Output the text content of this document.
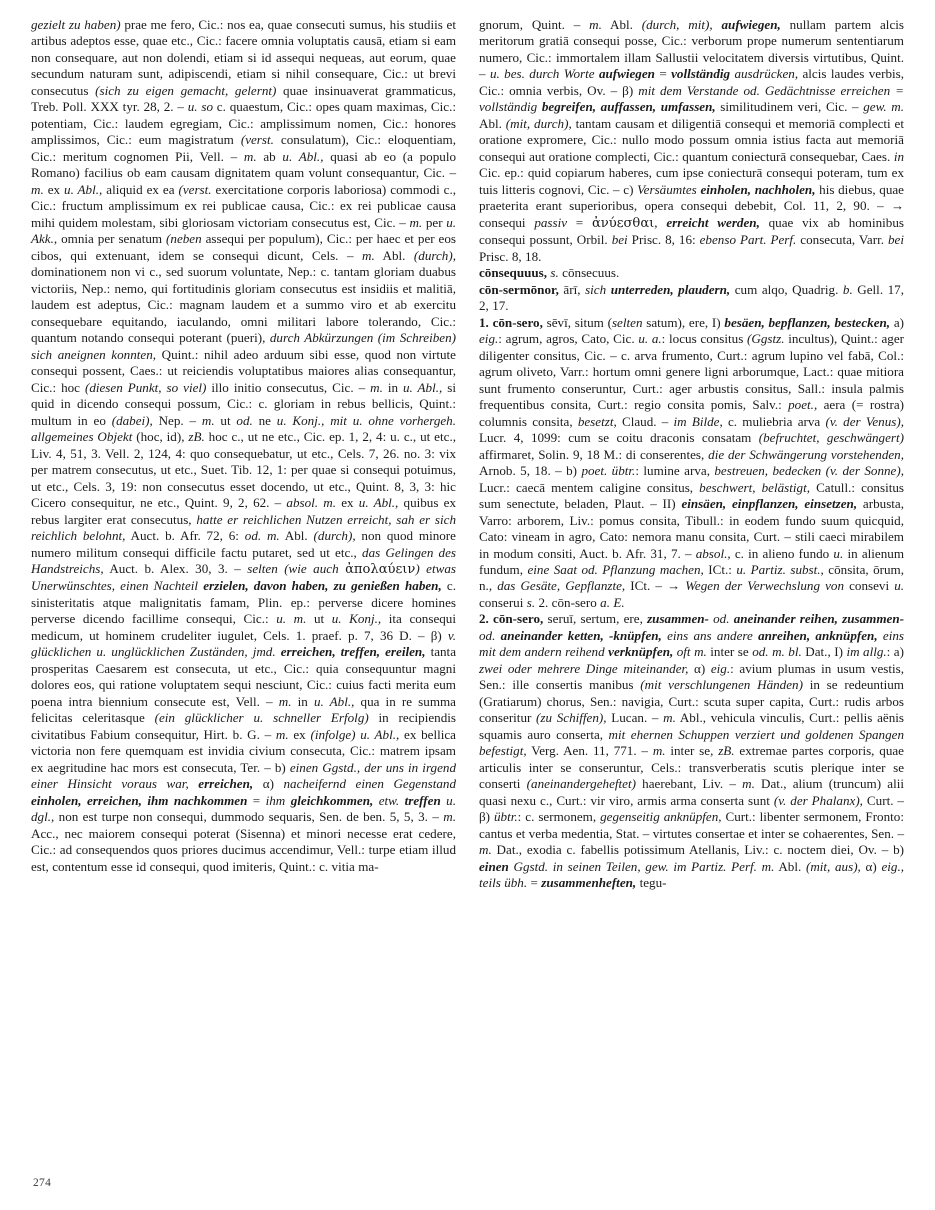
gezielt zu haben) prae me fero, Cic.: nos ea, quae consecuti sumus, his studiis et artibus adeptos esse, quae etc., Cic.: facere omnia voluptatis causā, etiam si eam non consequare, aut non dolendi, etiam si id assequi nequeas, aut eorum, quae secundum naturam sunt, adipiscendi, etiam si nihil consequare, Cic.: ut brevi consecutus (sich zu eigen gemacht, gelernt) quae insinuaverat grammaticus, Treb. Poll. XXX tyr. 28, 2. – u. so c. quaestum, Cic.: opes quam maximas, Cic.: potentiam, Cic.: laudem egregiam, Cic.: amplissimum nomen, Cic.: honores amplissimos, Cic.: eum magistratum (verst. consulatum), Cic.: eloquentiam, Cic.: meritum cognomen Pii, Vell. – m. ab u. Abl., quasi ab eo (a populo Romano) facilius ob eam causam dignitatem quam volunt consequantur, Cic. – m. ex u. Abl., aliquid ex ea (verst. exercitatione corporis laboriosa) commodi c., Cic.: fructum amplissimum ex rei publicae causa, Cic.: ex rei publicae causa mihi quidem molestam, sibi gloriosam victoriam consecutus est, Cic. – m. per u. Akk., omnia per senatum (neben assequi per populum), Cic.: per haec et per eos cibos, qui extenuant, idem se consequi dicunt, Cels. – m. Abl. (durch), dominationem non vi c., sed suorum voluntate, Nep.: c. tantam gloriam duabus victoriis, Nep.: nemo, qui fortitudinis gloriam consecutus est insidiis et malitiā, laudem est adeptus, Cic.: magnam laudem et a summo viro et ab exercitu consequebare equitando, iaculando, omni militari labore tolerando, Cic.: quantum notando consequi poterant (pueri), durch Abkürzungen (im Schreiben) sich aneignen konnten, Quint.: nihil adeo arduum sibi esse, quod non virtute consequi possent, Caes.: ut reiciendis voluptatibus maiores alias consequantur, Cic.: hoc (diesen Punkt, so viel) illo initio consecutus, Cic. – m. in u. Abl., si quid in dicendo consequi possum, Cic.: c. gloriam in rebus bellicis, Quint.: multum in eo (dabei), Nep. – m. ut od. ne u. Konj., mit u. ohne vorhergeh. allgemeines Objekt (hoc, id), zB. hoc c., ut ne etc., Cic. ep. 1, 2, 4: u. c., ut etc., Liv. 4, 51, 3. Vell. 2, 124, 4: quo consequebatur, ut etc., Cels. 7, 26. no. 3: vix per matrem consecutus, ut etc., Suet. Tib. 12, 1: per quae si consequi potuimus, ut etc., Cels. 3, 19: non consecutus esset docendo, ut etc., Quint. 8, 3, 3: hic Cicero consequitur, ne etc., Quint. 9, 2, 62. – absol. m. ex u. Abl., quibus ex rebus largiter erat consecutus, hatte er reichlichen Nutzen erreicht, sah er sich reichlich belohnt, Auct. b. Afr. 72, 6: od. m. Abl. (durch), non quod minore numero militum consequi difficile factu putaret, sed ut etc., das Gelingen des Handstreichs, Auct. b. Alex. 30, 3. – selten (wie auch ἀπολαύειν) etwas Unerwünschtes, einen Nachteil erzielen, davon haben, zu genießen haben, c. sinisteritatis atque malignitatis famam, Plin. ep.: perverse dicere homines perverse dicendo facillime consequi, Cic.: u. m. ut u. Konj., ita consequi medicum, ut hominem crudeliter iugulet, Cels. 1. praef. p. 7, 36 D. – β) v. glücklichen u. unglücklichen Zuständen, jmd. erreichen, treffen, ereilen, tanta prosperitas Caesarem est consecuta, ut etc., Cic.: quia consequuntur magni dolores eos, qui ratione voluptatem sequi nesciunt, Cic.: cuius facti merita eum poena intra biennium consecute est, Vell. – m. in u. Abl., qua in re summa felicitas celeritasque (ein glücklicher u. schneller Erfolg) in recipiendis civitatibus Fabium consequitur, Hirt. b. G. – m. ex (infolge) u. Abl., ex bellica victoria non fere quemquam est invidia civium consecuta, Cic.: matrem ipsam ex aegritudine hac mors est consecuta, Ter. – b) einen Ggstd., der uns in irgend einer Hinsicht voraus war, erreichen, α) nacheifernd einen Gegenstand einholen, erreichen, ihm nachkommen = ihm gleichkommen, etw. treffen u. dgl., non est turpe non consequi, dummodo sequaris, Sen. de ben. 5, 5, 3. – m. Acc., nec maiorem consequi poterat (Sisenna) et minori necesse erat cedere, Cic.: ad consequendos quos priores ducimus accendimur, Vell.: turpe etiam illud est, contentum esse id consequi, quod imiteris, Quint.: c. vitia ma-

gnorum, Quint. – m. Abl. (durch, mit), aufwiegen, nullam partem alcis meritorum gratiā consequi posse, Cic.: verborum prope numerum sententiarum numero, Cic.: immortalem illam Sallustii velocitatem diversis virtutibus, Quint. – u. bes. durch Worte aufwiegen = vollständig ausdrücken, alcis laudes verbis, Cic.: omnia verbis, Ov. – β) mit dem Verstande od. Gedächtnisse erreichen = vollständig begreifen, auffassen, umfassen, similitudinem veri, Cic. – gew. m. Abl. (mit, durch), tantam causam et diligentiā consequi et memoriā complecti et oratione expromere, Cic.: nullo modo possum omnia istius facta aut memoriā consequi aut oratione complecti, Cic.: quantum coniecturā consequebar, Caes. in Cic. ep.: quid copiarum haberes, cum ipse coniecturā consequi poteram, tum ex tuis litteris cognovi, Cic. – c) Versäumtes einholen, nachholen, his diebus, quae praeterita erant superioribus, opera consequi debebit, Col. 11, 2, 90. – → consequi passiv = ἀνύεσθαι, erreicht werden, quae vix ab hominibus consequi possunt, Orbil. bei Prisc. 8, 16: ebenso Part. Perf. consecuta, Varr. bei Prisc. 8, 18.

cōnsequuus, s. cōnsecuus.

cōn-sermōnor, ārī, sich unterreden, plaudern, cum alqo, Quadrig. b. Gell. 17, 2, 17.

1. cōn-sero, sēvī, situm (selten satum), ere, I) besäen, bepflanzen, bestecken, a) eig.: agrum, agros, Cato, Cic. u. a.: locus consitus (Ggstz. incultus), Quint.: ager diligenter consitus, Cic. – c. arva frumento, Curt.: agrum lupino vel fabā, Col.: agrum oliveto, Varr.: hortum omni genere ligni arborumque, Lact.: quae mitiora sunt frumento conseruntur, Curt.: ager arbustis consitus, Sall.: insula palmis frequentibus consita, Curt.: regio consita pomis, Salv.: poet., aera (= rostra) columnis consita, besetzt, Claud. – im Bilde, c. muliebria arva (v. der Venus), Lucr. 4, 1099: cum se coitu draconis consatam (befruchtet, geschwängert) affirmaret, Solin. 9, 18 M.: di conserentes, die der Schwängerung vorstehenden, Arnob. 5, 18. – b) poet. übtr.: lumine arva, bestreuen, bedecken (v. der Sonne), Lucr.: caecā mentem caligine consitus, beschwert, belästigt, Catull.: consitus sum senectute, beladen, Plaut. – II) einsäen, einpflanzen, einsetzen, arbusta, Varro: arborem, Liv.: pomus consita, Tibull.: in eodem fundo suum quicquid, Cato: vineam in agro, Cato: nemora manu consita, Curt. – stili caeci mirabilem in modum consiti, Auct. b. Afr. 31, 7. – absol., c. in alieno fundo u. in alienum fundum, eine Saat od. Pflanzung machen, ICt.: u. Partiz. subst., cōnsita, ōrum, n., das Gesäte, Gepflanzte, ICt. – → Wegen der Verwechslung von consevi u. conserui s. 2. cōn-sero a. E.

2. cōn-sero, seruī, sertum, ere, zusammen- od. aneinander reihen, zusammen- od. aneinander ketten, -knüpfen, eins ans andere anreihen, anknüpfen, eins mit dem andern reihend verknüpfen, oft m. inter se od. m. bl. Dat., I) im allg.: a) zwei oder mehrere Dinge miteinander, α) eig.: avium plumas in usum vestis, Sen.: ille consertis manibus (mit verschlungenen Händen) in se redeuntium (Gratiarum) chorus, Sen.: navigia, Curt.: scuta super capita, Curt.: rudis arbos conseritur (zu Schiffen), Lucan. – m. Abl., vehicula vinculis, Curt.: pellis aënis squamis auro conserta, mit ehernen Schuppen verziert und goldenen Spangen befestigt, Verg. Aen. 11, 771. – m. inter se, zB. extremae partes corporis, quae articulis inter se conseruntur, Cels.: transverberatis scutis plerique inter se conserti (aneinandergeheftet) haerebant, Liv. – m. Dat., alium (truncum) alii quasi nexu c., Curt.: vir viro, armis arma conserta sunt (v. der Phalanx), Curt. – β) übtr.: c. sermonem, gegenseitig anknüpfen, Curt.: libenter sermonem, Fronto: cantus et verba medentia, Stat. – virtutes consertae et inter se cohaerentes, Sen. – m. Dat., exodia c. fabellis potissimum Atellanis, Liv.: c. noctem diei, Ov. – b) einen Ggstd. in seinen Teilen, gew. im Partiz. Perf. m. Abl. (mit, aus), α) eig., teils übh. = zusammenheften, tegu-

274
